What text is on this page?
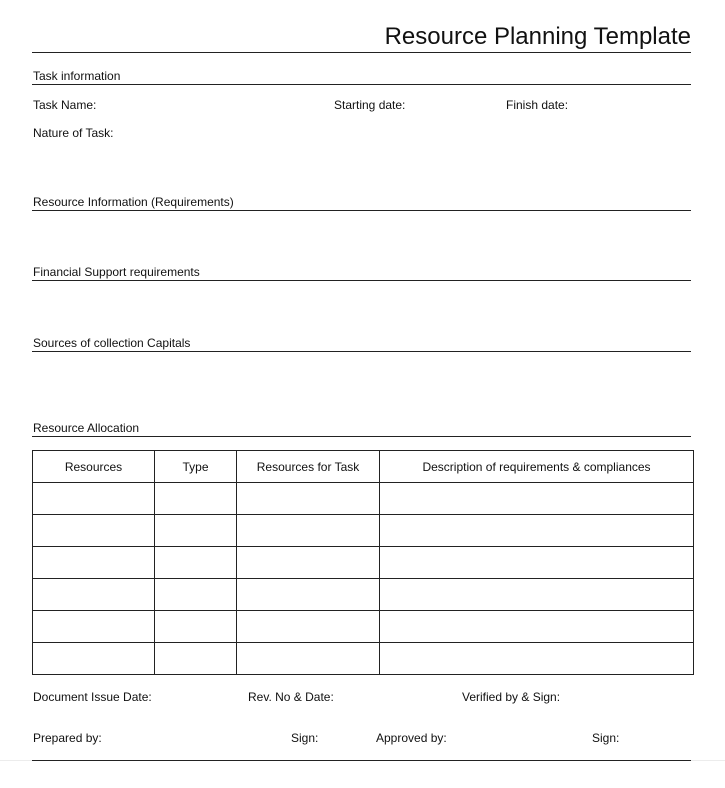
Resource Planning Template
Task information
Task Name:	Starting date:	Finish date:
Nature of Task:
Resource Information (Requirements)
Financial Support requirements
Sources of collection Capitals
Resource Allocation
Resources	Type	Resources for Task	Description of requirements & compliances

Document Issue Date:	Rev. No & Date:	Verified by & Sign:
Prepared by:	Sign:	Approved by:	Sign:
